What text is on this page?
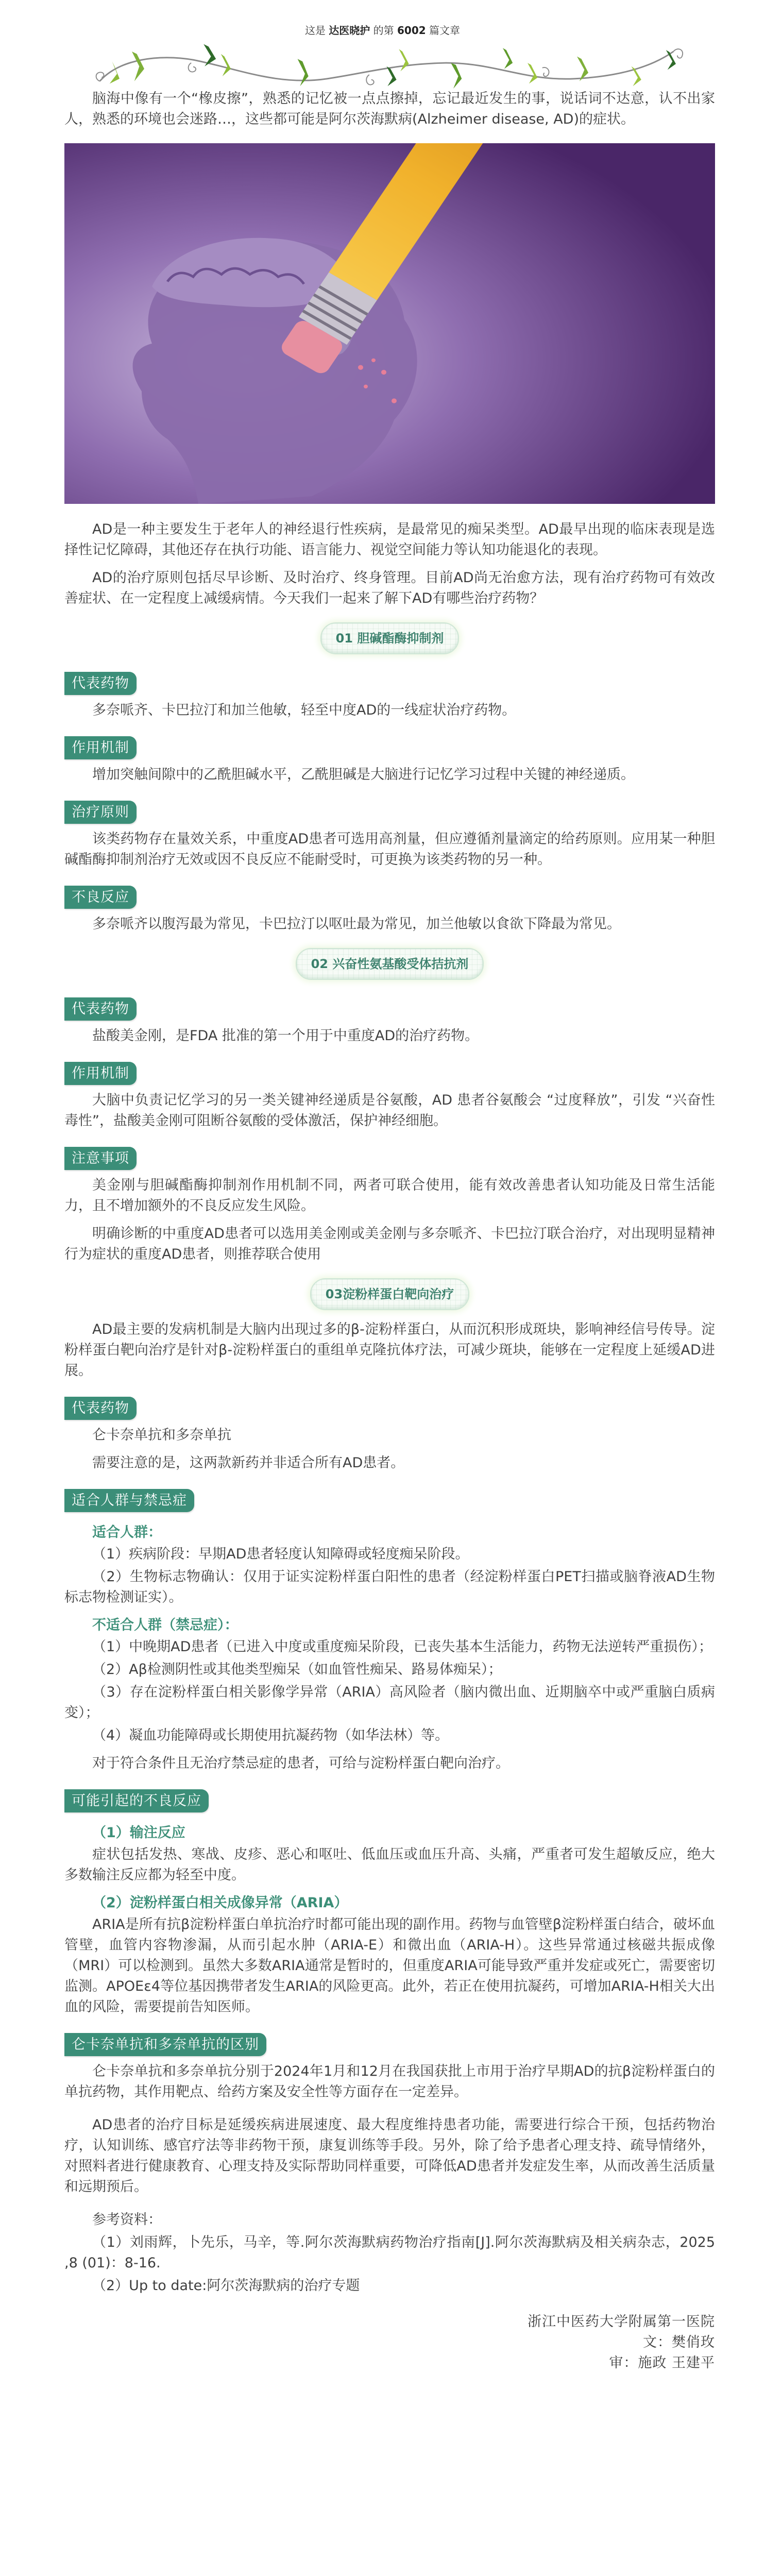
这是 达医晓护 的第 6002 篇文章

脑海中像有一个“橡皮擦”，熟悉的记忆被一点点擦掉，忘记最近发生的事，说话词不达意，认不出家人，熟悉的环境也会迷路…，这些都可能是阿尔茨海默病(Alzheimer disease, AD)的症状。

AD是一种主要发生于老年人的神经退行性疾病，是最常见的痴呆类型。AD最早出现的临床表现是选择性记忆障碍，其他还存在执行功能、语言能力、视觉空间能力等认知功能退化的表现。

AD的治疗原则包括尽早诊断、及时治疗、终身管理。目前AD尚无治愈方法，现有治疗药物可有效改善症状、在一定程度上减缓病情。今天我们一起来了解下AD有哪些治疗药物？

01 胆碱酯酶抑制剂
代表药物

多奈哌齐、卡巴拉汀和加兰他敏，轻至中度AD的一线症状治疗药物。

作用机制

增加突触间隙中的乙酰胆碱水平，乙酰胆碱是大脑进行记忆学习过程中关键的神经递质。

治疗原则

该类药物存在量效关系，中重度AD患者可选用高剂量，但应遵循剂量滴定的给药原则。应用某一种胆碱酯酶抑制剂治疗无效或因不良反应不能耐受时，可更换为该类药物的另一种。

不良反应

多奈哌齐以腹泻最为常见，卡巴拉汀以呕吐最为常见，加兰他敏以食欲下降最为常见。

02 兴奋性氨基酸受体拮抗剂
代表药物

盐酸美金刚，是FDA 批准的第一个用于中重度AD的治疗药物。

作用机制

大脑中负责记忆学习的另一类关键神经递质是谷氨酸，AD 患者谷氨酸会 “过度释放”，引发 “兴奋性毒性”，盐酸美金刚可阻断谷氨酸的受体激活，保护神经细胞。

注意事项

美金刚与胆碱酯酶抑制剂作用机制不同，两者可联合使用，能有效改善患者认知功能及日常生活能力，且不增加额外的不良反应发生风险。

明确诊断的中重度AD患者可以选用美金刚或美金刚与多奈哌齐、卡巴拉汀联合治疗，对出现明显精神行为症状的重度AD患者，则推荐联合使用

03淀粉样蛋白靶向治疗

AD最主要的发病机制是大脑内出现过多的β-淀粉样蛋白，从而沉积形成斑块，影响神经信号传导。淀粉样蛋白靶向治疗是针对β-淀粉样蛋白的重组单克隆抗体疗法，可减少斑块，能够在一定程度上延缓AD进展。

代表药物

仑卡奈单抗和多奈单抗

需要注意的是，这两款新药并非适合所有AD患者。

适合人群与禁忌症

适合人群：

（1）疾病阶段：早期AD患者轻度认知障碍或轻度痴呆阶段。

（2）生物标志物确认：仅用于证实淀粉样蛋白阳性的患者（经淀粉样蛋白PET扫描或脑脊液AD生物标志物检测证实）。

不适合人群（禁忌症）：

（1）中晚期AD患者（已进入中度或重度痴呆阶段，已丧失基本生活能力，药物无法逆转严重损伤）；

（2）Aβ检测阴性或其他类型痴呆（如血管性痴呆、路易体痴呆）；

（3）存在淀粉样蛋白相关影像学异常（ARIA）高风险者（脑内微出血、近期脑卒中或严重脑白质病变）；

（4）凝血功能障碍或长期使用抗凝药物（如华法林）等。

对于符合条件且无治疗禁忌症的患者，可给与淀粉样蛋白靶向治疗。

可能引起的不良反应

（1）输注反应

症状包括发热、寒战、皮疹、恶心和呕吐、低血压或血压升高、头痛，严重者可发生超敏反应，绝大多数输注反应都为轻至中度。

（2）淀粉样蛋白相关成像异常（ARIA）

ARIA是所有抗β淀粉样蛋白单抗治疗时都可能出现的副作用。药物与血管壁β淀粉样蛋白结合，破坏血管壁，血管内容物渗漏，从而引起水肿（ARIA-E）和微出血（ARIA-H）。这些异常通过核磁共振成像（MRI）可以检测到。虽然大多数ARIA通常是暂时的，但重度ARIA可能导致严重并发症或死亡，需要密切监测。APOEε4等位基因携带者发生ARIA的风险更高。此外，若正在使用抗凝药，可增加ARIA-H相关大出血的风险，需要提前告知医师。

仑卡奈单抗和多奈单抗的区别

仑卡奈单抗和多奈单抗分别于2024年1月和12月在我国获批上市用于治疗早期AD的抗β淀粉样蛋白的单抗药物，其作用靶点、给药方案及安全性等方面存在一定差异。

AD患者的治疗目标是延缓疾病进展速度、最大程度维持患者功能，需要进行综合干预，包括药物治疗，认知训练、感官疗法等非药物干预，康复训练等手段。另外，除了给予患者心理支持、疏导情绪外，对照料者进行健康教育、心理支持及实际帮助同样重要，可降低AD患者并发症发生率，从而改善生活质量和远期预后。

参考资料：

（1）刘雨辉，卜先乐，马辛，等.阿尔茨海默病药物治疗指南[J].阿尔茨海默病及相关病杂志，2025 ,8 (01)：8-16.

（2）Up to date:阿尔茨海默病的治疗专题

浙江中医药大学附属第一医院
文：樊俏玫
审：施政 王建平
